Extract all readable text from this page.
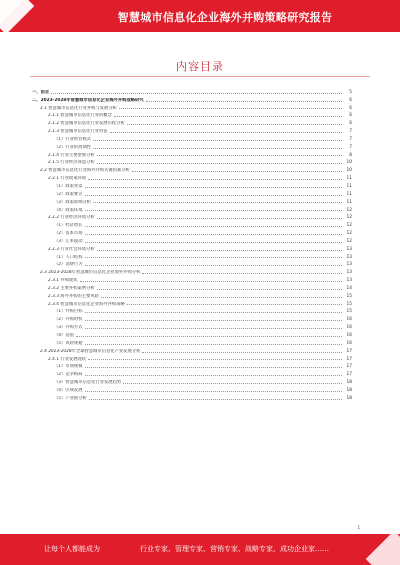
智慧城市信息化企业海外并购策略研究报告
内容目录
一、前言	5
二、2023-2028年智慧城市信息化企业海外并购战略研究	6
2.1 智慧城市信息化行业并购与发展分析	6
2.1.1 智慧城市信息化行业的概念	6
2.1.2 智慧城市信息化行业发展历程分析	6
2.1.3 智慧城市信息化行业特征	7
（1）行业经营模式	7
（2）行业的周期性	7
2.1.4 行业主要壁垒分析	8
2.1.5 行业经济效益分析	10
2.2 智慧城市信息化行业海外并购关键因素分析	10
2.2.1 行业政策环境	11
（1）政策背景	11
（2）政策要点	11
（3）政策影响分析	11
（4）政策环境	12
2.2.2 行业经济环境分析	12
（1）经济增长	12
（2）资本市场	12
（3）汇率波动	12
2.2.3 行业社会环境分析	13
（1）人口结构	13
（2）消费行为	13
2.3 2023-2028年智慧城市信息化企业海外并购分析	13
2.3.1 并购现状	13
2.3.2 主要并购案例分析	14
2.3.3 海外并购的主要风险	15
2.3.4 智慧城市信息化企业海外并购策略	15
（1）并购目标	15
（2）并购时机	16
（3）并购方式	16
（4）估值	16
（5）风险规避	16
2.4 2023-2028年全球智慧城市信息化产业发展分析	17
2.4.1 行业发展现状	17
（1）市场规模	17
（2）竞争格局	17
（3）智慧城市信息化行业发展趋势	18
（4）区域发展	18
（5）产业链分析	18
1
让每个人都能成为	行业专家、管理专家、营销专家、战略专家、成功企业家……
